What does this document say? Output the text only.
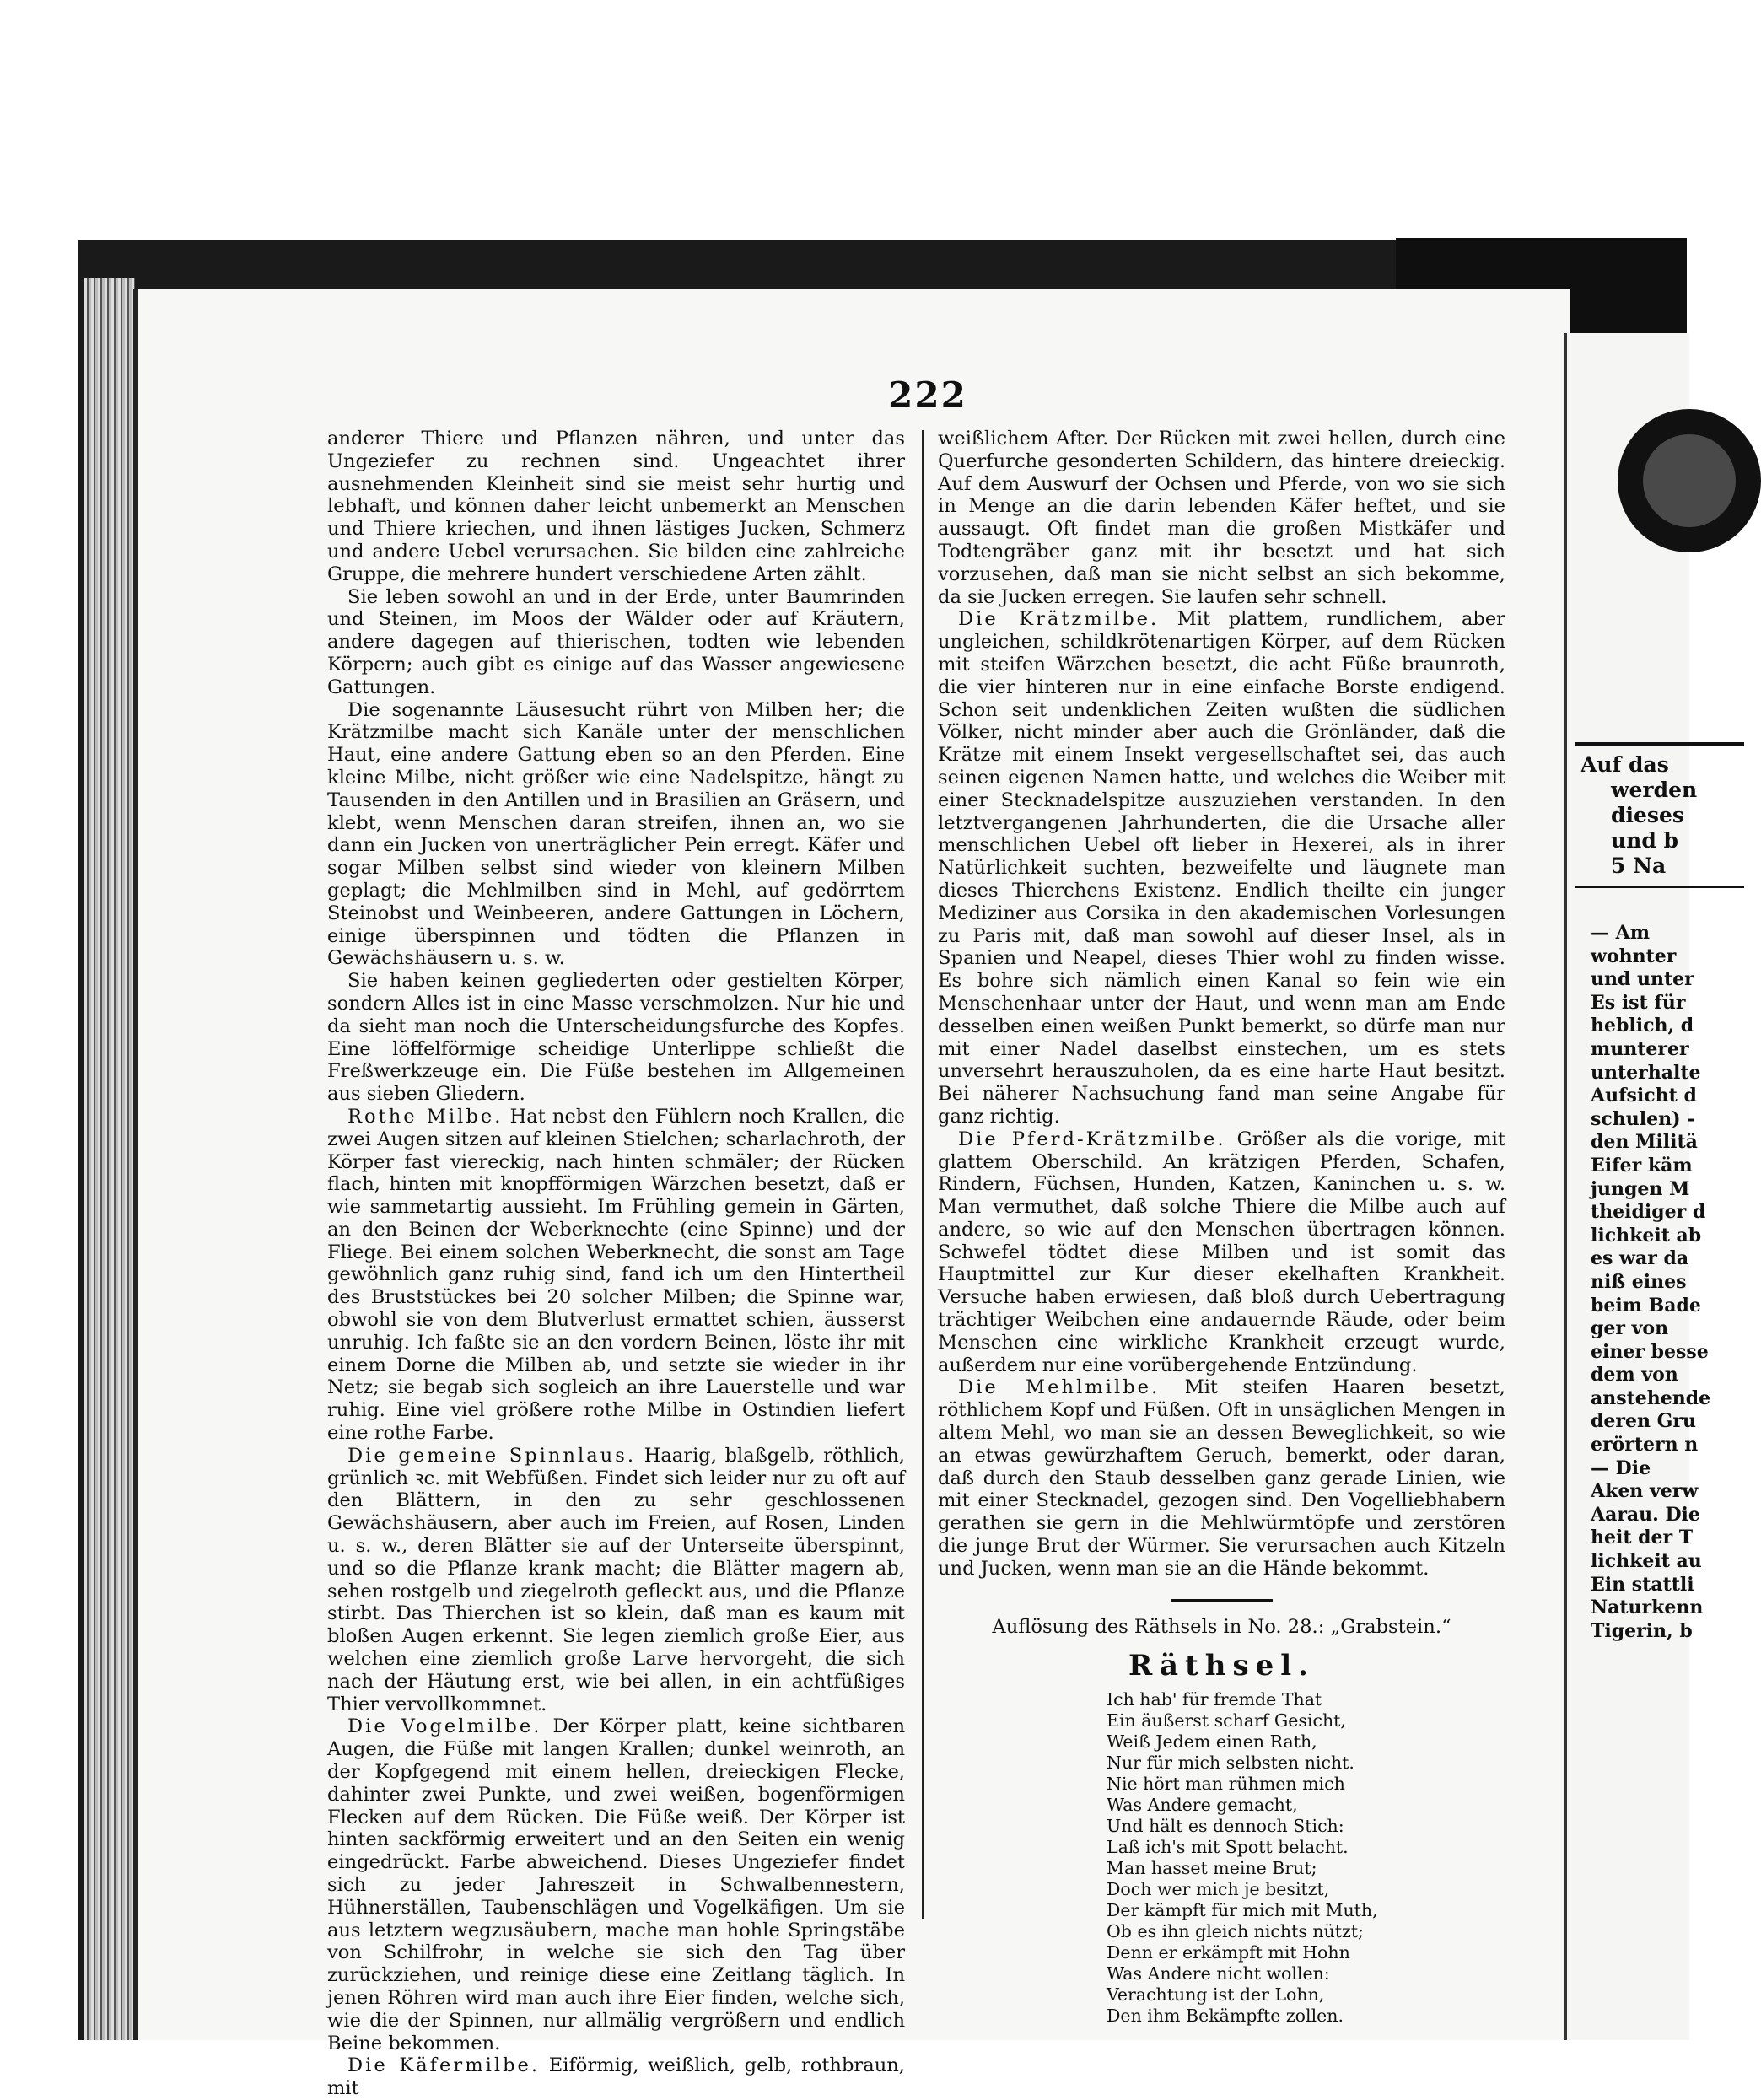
222

anderer Thiere und Pflanzen nähren, und unter das Ungeziefer zu rechnen sind. Ungeachtet ihrer ausnehmenden Kleinheit sind sie meist sehr hurtig und lebhaft, und können daher leicht unbemerkt an Menschen und Thiere kriechen, und ihnen lästiges Jucken, Schmerz und andere Uebel verursachen. Sie bilden eine zahlreiche Gruppe, die mehrere hundert verschiedene Arten zählt.

Sie leben sowohl an und in der Erde, unter Baumrinden und Steinen, im Moos der Wälder oder auf Kräutern, andere dagegen auf thierischen, todten wie lebenden Körpern; auch gibt es einige auf das Wasser angewiesene Gattungen.

Die sogenannte Läusesucht rührt von Milben her; die Krätzmilbe macht sich Kanäle unter der menschlichen Haut, eine andere Gattung eben so an den Pferden. Eine kleine Milbe, nicht größer wie eine Nadelspitze, hängt zu Tausenden in den Antillen und in Brasilien an Gräsern, und klebt, wenn Menschen daran streifen, ihnen an, wo sie dann ein Jucken von unerträglicher Pein erregt. Käfer und sogar Milben selbst sind wieder von kleinern Milben geplagt; die Mehlmilben sind in Mehl, auf gedörrtem Steinobst und Weinbeeren, andere Gattungen in Löchern, einige überspinnen und tödten die Pflanzen in Gewächshäusern u. s. w.

Sie haben keinen gegliederten oder gestielten Körper, sondern Alles ist in eine Masse verschmolzen. Nur hie und da sieht man noch die Unterscheidungsfurche des Kopfes. Eine löffelförmige scheidige Unterlippe schließt die Freßwerkzeuge ein. Die Füße bestehen im Allgemeinen aus sieben Gliedern.

Rothe Milbe. Hat nebst den Fühlern noch Krallen, die zwei Augen sitzen auf kleinen Stielchen; scharlachroth, der Körper fast viereckig, nach hinten schmäler; der Rücken flach, hinten mit knopfförmigen Wärzchen besetzt, daß er wie sammetartig aussieht. Im Frühling gemein in Gärten, an den Beinen der Weberknechte (eine Spinne) und der Fliege. Bei einem solchen Weberknecht, die sonst am Tage gewöhnlich ganz ruhig sind, fand ich um den Hintertheil des Bruststückes bei 20 solcher Milben; die Spinne war, obwohl sie von dem Blutverlust ermattet schien, äusserst unruhig. Ich faßte sie an den vordern Beinen, löste ihr mit einem Dorne die Milben ab, und setzte sie wieder in ihr Netz; sie begab sich sogleich an ihre Lauerstelle und war ruhig. Eine viel größere rothe Milbe in Ostindien liefert eine rothe Farbe.

Die gemeine Spinnlaus. Haarig, blaßgelb, röthlich, grünlich ꝛc. mit Webfüßen. Findet sich leider nur zu oft auf den Blättern, in den zu sehr geschlossenen Gewächshäusern, aber auch im Freien, auf Rosen, Linden u. s. w., deren Blätter sie auf der Unterseite überspinnt, und so die Pflanze krank macht; die Blätter magern ab, sehen rostgelb und ziegelroth gefleckt aus, und die Pflanze stirbt. Das Thierchen ist so klein, daß man es kaum mit bloßen Augen erkennt. Sie legen ziemlich große Eier, aus welchen eine ziemlich große Larve hervorgeht, die sich nach der Häutung erst, wie bei allen, in ein achtfüßiges Thier vervollkommnet.

Die Vogelmilbe. Der Körper platt, keine sichtbaren Augen, die Füße mit langen Krallen; dunkel weinroth, an der Kopfgegend mit einem hellen, dreieckigen Flecke, dahinter zwei Punkte, und zwei weißen, bogenförmigen Flecken auf dem Rücken. Die Füße weiß. Der Körper ist hinten sackförmig erweitert und an den Seiten ein wenig eingedrückt. Farbe abweichend. Dieses Ungeziefer findet sich zu jeder Jahreszeit in Schwalbennestern, Hühnerställen, Taubenschlägen und Vogelkäfigen. Um sie aus letztern wegzusäubern, mache man hohle Springstäbe von Schilfrohr, in welche sie sich den Tag über zurückziehen, und reinige diese eine Zeitlang täglich. In jenen Röhren wird man auch ihre Eier finden, welche sich, wie die der Spinnen, nur allmälig vergrößern und endlich Beine bekommen.

Die Käfermilbe. Eiförmig, weißlich, gelb, rothbraun, mit

weißlichem After. Der Rücken mit zwei hellen, durch eine Querfurche gesonderten Schildern, das hintere dreieckig. Auf dem Auswurf der Ochsen und Pferde, von wo sie sich in Menge an die darin lebenden Käfer heftet, und sie aussaugt. Oft findet man die großen Mistkäfer und Todtengräber ganz mit ihr besetzt und hat sich vorzusehen, daß man sie nicht selbst an sich bekomme, da sie Jucken erregen. Sie laufen sehr schnell.

Die Krätzmilbe. Mit plattem, rundlichem, aber ungleichen, schildkrötenartigen Körper, auf dem Rücken mit steifen Wärzchen besetzt, die acht Füße braunroth, die vier hinteren nur in eine einfache Borste endigend. Schon seit undenklichen Zeiten wußten die südlichen Völker, nicht minder aber auch die Grönländer, daß die Krätze mit einem Insekt vergesellschaftet sei, das auch seinen eigenen Namen hatte, und welches die Weiber mit einer Stecknadelspitze auszuziehen verstanden. In den letztvergangenen Jahrhunderten, die die Ursache aller menschlichen Uebel oft lieber in Hexerei, als in ihrer Natürlichkeit suchten, bezweifelte und läugnete man dieses Thierchens Existenz. Endlich theilte ein junger Mediziner aus Corsika in den akademischen Vorlesungen zu Paris mit, daß man sowohl auf dieser Insel, als in Spanien und Neapel, dieses Thier wohl zu finden wisse. Es bohre sich nämlich einen Kanal so fein wie ein Menschenhaar unter der Haut, und wenn man am Ende desselben einen weißen Punkt bemerkt, so dürfe man nur mit einer Nadel daselbst einstechen, um es stets unversehrt herauszuholen, da es eine harte Haut besitzt. Bei näherer Nachsuchung fand man seine Angabe für ganz richtig.

Die Pferd-Krätzmilbe. Größer als die vorige, mit glattem Oberschild. An krätzigen Pferden, Schafen, Rindern, Füchsen, Hunden, Katzen, Kaninchen u. s. w. Man vermuthet, daß solche Thiere die Milbe auch auf andere, so wie auf den Menschen übertragen können. Schwefel tödtet diese Milben und ist somit das Hauptmittel zur Kur dieser ekelhaften Krankheit. Versuche haben erwiesen, daß bloß durch Uebertragung trächtiger Weibchen eine andauernde Räude, oder beim Menschen eine wirkliche Krankheit erzeugt wurde, außerdem nur eine vorübergehende Entzündung.

Die Mehlmilbe. Mit steifen Haaren besetzt, röthlichem Kopf und Füßen. Oft in unsäglichen Mengen in altem Mehl, wo man sie an dessen Beweglichkeit, so wie an etwas gewürzhaftem Geruch, bemerkt, oder daran, daß durch den Staub desselben ganz gerade Linien, wie mit einer Stecknadel, gezogen sind. Den Vogelliebhabern gerathen sie gern in die Mehlwürmtöpfe und zerstören die junge Brut der Würmer. Sie verursachen auch Kitzeln und Jucken, wenn man sie an die Hände bekommt.

Auflösung des Räthsels in No. 28.: „Grabstein.“
Räthsel.
Ich hab' für fremde That
Ein äußerst scharf Gesicht,
Weiß Jedem einen Rath,
Nur für mich selbsten nicht.
Nie hört man rühmen mich
Was Andere gemacht,
Und hält es dennoch Stich:
Laß ich's mit Spott belacht.
Man hasset meine Brut;
Doch wer mich je besitzt,
Der kämpft für mich mit Muth,
Ob es ihn gleich nichts nützt;
Denn er erkämpft mit Hohn
Was Andere nicht wollen:
Verachtung ist der Lohn,
Den ihm Bekämpfte zollen.
Auf das
werden
dieses
und b
5 Na
— Am
wohnter
und unter
Es ist für
heblich, d
munterer
unterhalte
Aufsicht d
schulen) -
den Militä
Eifer käm
jungen M
theidiger d
lichkeit ab
es war da
niß eines
beim Bade
ger von
einer besse
dem von
anstehende
deren Gru
erörtern n
— Die
Aken verw
Aarau. Die
heit der T
lichkeit au
Ein stattli
Naturkenn
Tigerin, b
